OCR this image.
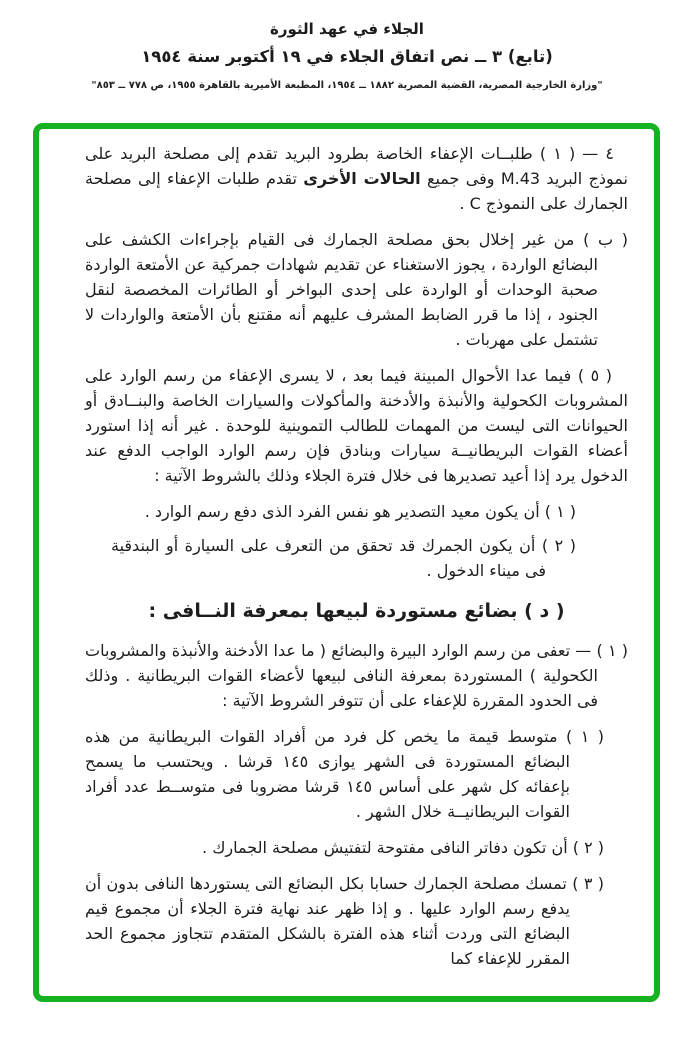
الجلاء في عهد الثورة
(تابع) ٣ ــ نص اتفاق الجلاء في ١٩ أكتوبر سنة ١٩٥٤
"وزارة الخارجية المصرية، القضية المصرية ١٨٨٢ ــ ١٩٥٤، المطبعة الأميرية بالقاهرة ١٩٥٥، ص ٧٧٨ ــ ٨٥٣"

٤ — ( ١ ) طلبــات الإعفاء الخاصة بطرود البريد تقدم إلى مصلحة البريد على نموذج البريد 43.M وفى جميع الحالات الأخرى تقدم طلبات الإعفاء إلى مصلحة الجمارك على النموذج C .

( ب ) من غير إخلال بحق مصلحة الجمارك فى القيام بإجراءات الكشف على البضائع الواردة ، يجوز الاستغناء عن تقديم شهادات جمركية عن الأمتعة الواردة صحبة الوحدات أو الواردة على إحدى البواخر أو الطائرات المخصصة لنقل الجنود ، إذا ما قرر الضابط المشرف عليهم أنه مقتنع بأن الأمتعة والواردات لا تشتمل على مهربات .

( ٥ ) فيما عدا الأحوال المبينة فيما بعد ، لا يسرى الإعفاء من رسم الوارد على المشروبات الكحولية والأنبذة والأدخنة والمأكولات والسيارات الخاصة والبنــادق أو الحيوانات التى ليست من المهمات للطالب التموينية للوحدة . غير أنه إذا استورد أعضاء القوات البريطانيــة سيارات وبنادق فإن رسم الوارد الواجب الدفع عند الدخول يرد إذا أعيد تصديرها فى خلال فترة الجلاء وذلك بالشروط الآتية :

( ١ ) أن يكون معيد التصدير هو نفس الفرد الذى دفع رسم الوارد .

( ٢ ) أن يكون الجمرك قد تحقق من التعرف على السيارة أو البندقية فى ميناء الدخول .

( د ) بضائع مستوردة لبيعها بمعرفة النــافى :

( ١ ) — تعفى من رسم الوارد البيرة والبضائع ( ما عدا الأدخنة والأنبذة والمشروبات الكحولية ) المستوردة بمعرفة النافى لبيعها لأعضاء القوات البريطانية . وذلك فى الحدود المقررة للإعفاء على أن تتوفر الشروط الآتية :

( ١ ) متوسط قيمة ما يخص كل فرد من أفراد القوات البريطانية من هذه البضائع المستوردة فى الشهر يوازى ١٤٥ قرشا . ويحتسب ما يسمح بإعفائه كل شهر على أساس ١٤٥ قرشا مضروبا فى متوســط عدد أفراد القوات البريطانيــة خلال الشهر .

( ٢ ) أن تكون دفاتر النافى مفتوحة لتفتيش مصلحة الجمارك .

( ٣ ) تمسك مصلحة الجمارك حسابا بكل البضائع التى يستوردها النافى بدون أن يدفع رسم الوارد عليها . و إذا ظهر عند نهاية فترة الجلاء أن مجموع قيم البضائع التى وردت أثناء هذه الفترة بالشكل المتقدم تتجاوز مجموع الحد المقرر للإعفاء كما
